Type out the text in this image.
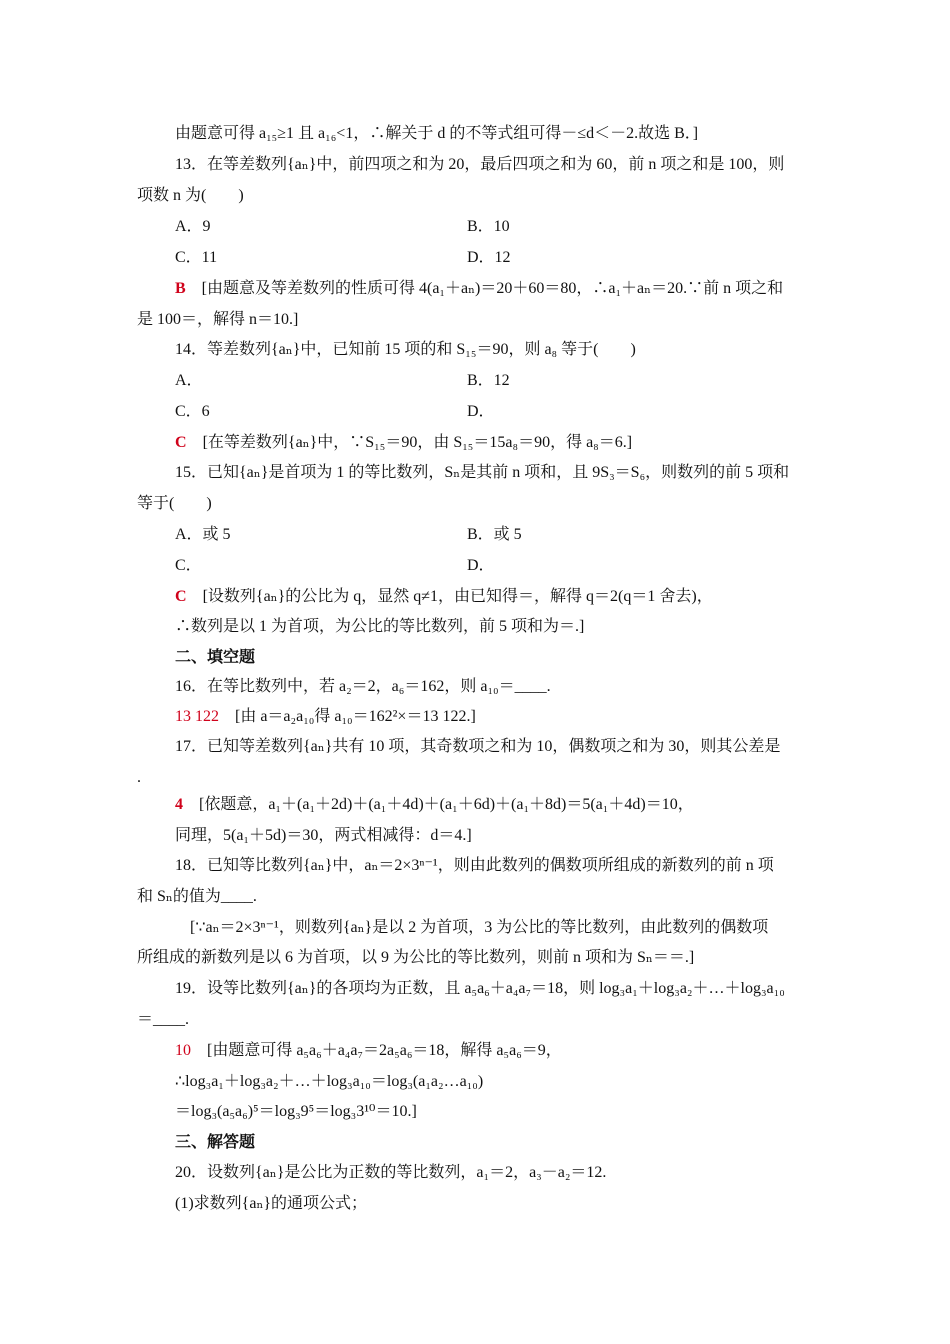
由题意可得 a₁₅≥1 且 a₁₆<1，∴解关于 d 的不等式组可得－≤d＜－2.故选 B．]
13．在等差数列{aₙ}中，前四项之和为 20，最后四项之和为 60，前 n 项之和是 100，则
项数 n 为(　　)
14．等差数列{aₙ}中，已知前 15 项的和 S₁₅＝90，则 a₈ 等于(　　)
15．已知{aₙ}是首项为 1 的等比数列，Sₙ是其前 n 项和，且 9S₃＝S₆，则数列的前 5 项和
等于(　　)
∴数列是以 1 为首项，为公比的等比数列，前 5 项和为＝.]
16．在等比数列中，若 a₂＝2，a₆＝162，则 a₁₀＝____.
17．已知等差数列{aₙ}共有 10 项，其奇数项之和为 10，偶数项之和为 30，则其公差是
.
同理，5(a₁＋5d)＝30，两式相减得：d＝4.]
18．已知等比数列{aₙ}中，aₙ＝2×3ⁿ⁻¹，则由此数列的偶数项所组成的新数列的前 n 项
和 Sₙ的值为____.
[∵aₙ＝2×3ⁿ⁻¹，则数列{aₙ}是以 2 为首项，3 为公比的等比数列，由此数列的偶数项
所组成的新数列是以 6 为首项，以 9 为公比的等比数列，则前 n 项和为 Sₙ＝＝.]
19．设等比数列{aₙ}的各项均为正数，且 a₅a₆＋a₄a₇＝18，则 log₃a₁＋log₃a₂＋…＋log₃a₁₀
＝____.
∴log₃a₁＋log₃a₂＋…＋log₃a₁₀＝log₃(a₁a₂…a₁₀)
＝log₃(a₅a₆)⁵＝log₃9⁵＝log₃3¹⁰＝10.]
20．设数列{aₙ}是公比为正数的等比数列，a₁＝2，a₃－a₂＝12.
(1)求数列{aₙ}的通项公式；
二、填空题
三、解答题
A．9	B．10
C．11	D．12
A．	B．12
C．6	D．
A．或 5	B．或 5
C．	D．
B　[由题意及等差数列的性质可得 4(a₁＋aₙ)＝20＋60＝80，∴a₁＋aₙ＝20.∵前 n 项之和
C　[在等差数列{aₙ}中，∵S₁₅＝90，由 S₁₅＝15a₈＝90，得 a₈＝6.]
C　[设数列{aₙ}的公比为 q，显然 q≠1，由已知得＝，解得 q＝2(q＝1 舍去)，
13 122　[由 a＝a₂a₁₀得 a₁₀＝162²×＝13 122.]
4　[依题意，a₁＋(a₁＋2d)＋(a₁＋4d)＋(a₁＋6d)＋(a₁＋8d)＝5(a₁＋4d)＝10，
10　[由题意可得 a₅a₆＋a₄a₇＝2a₅a₆＝18，解得 a₅a₆＝9，
是 100＝，解得 n＝10.]
